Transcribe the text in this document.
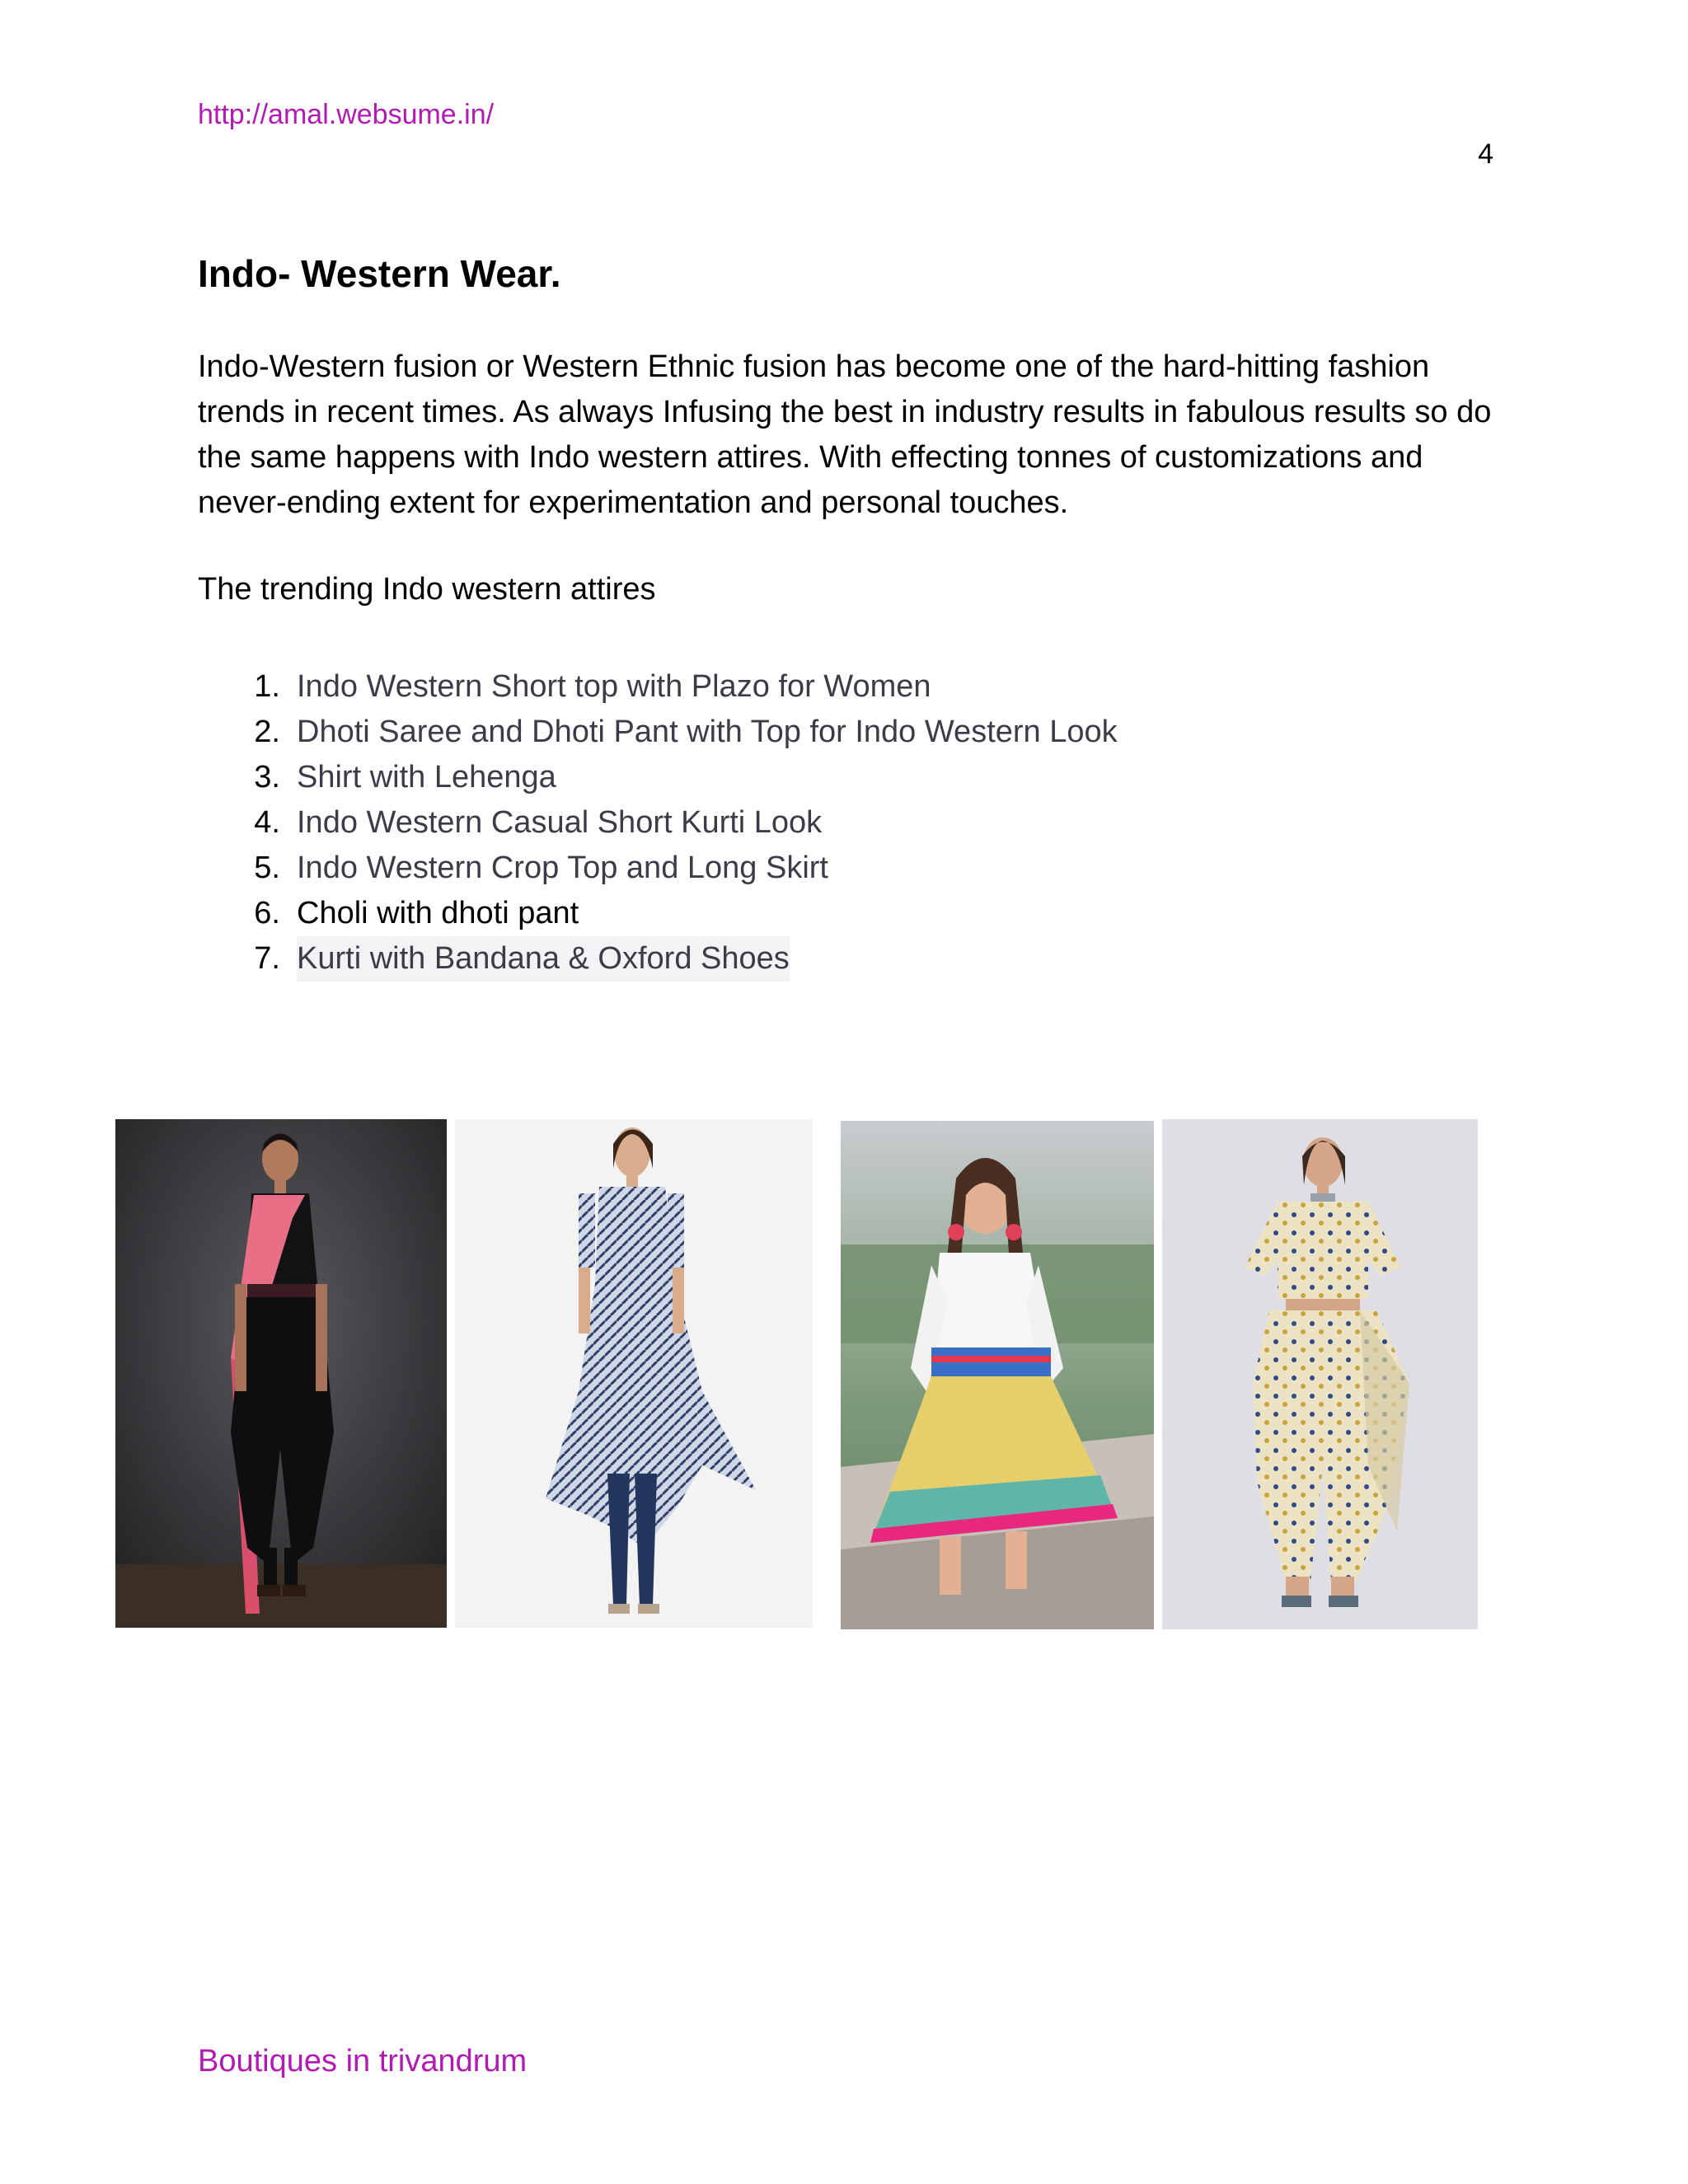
http://amal.websume.in/
4
Indo- Western Wear.

Indo-Western fusion or Western Ethnic fusion has become one of the hard-hitting fashion trends in recent times. As always Infusing the best in industry results in fabulous results so do the same happens with Indo western attires. With effecting tonnes of customizations and never-ending extent for experimentation and personal touches.

The trending Indo western attires

1. Indo Western Short top with Plazo for Women
2. Dhoti Saree and Dhoti Pant with Top for Indo Western Look
3. Shirt with Lehenga
4. Indo Western Casual Short Kurti Look
5. Indo Western Crop Top and Long Skirt
6. Choli with dhoti pant
7. Kurti with Bandana & Oxford Shoes
Boutiques in trivandrum
